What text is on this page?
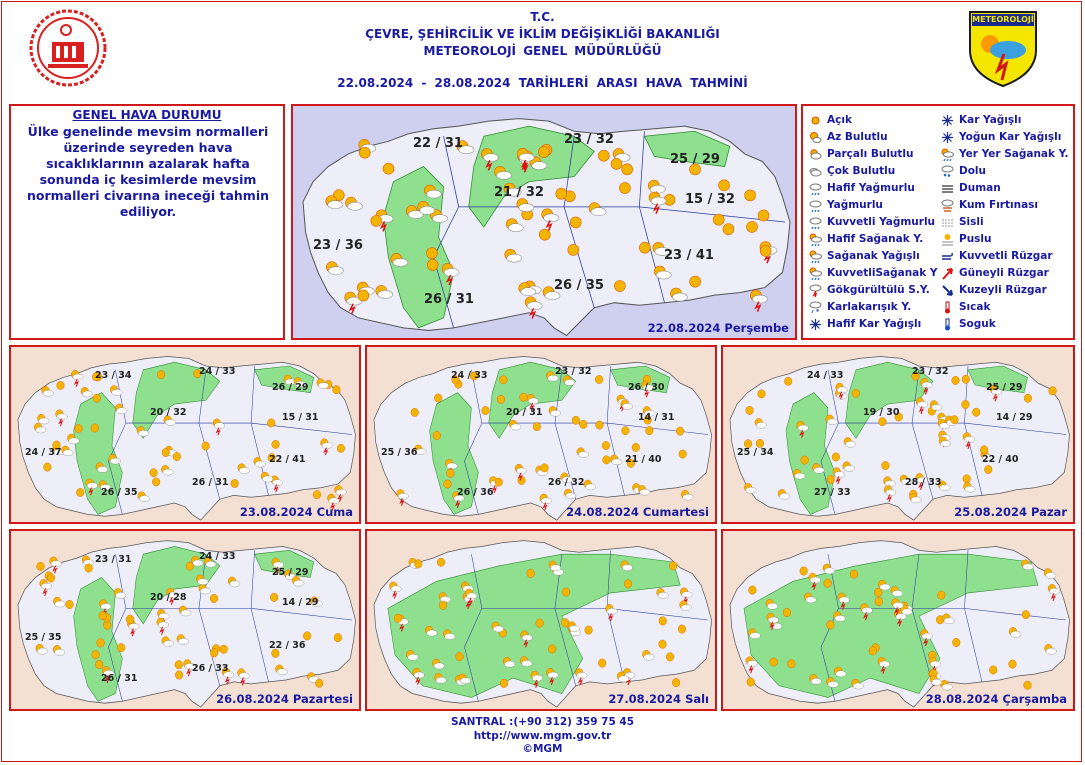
METEOROLOJİ
T.C.
ÇEVRE, ŞEHİRCİLİK VE İKLİM DEĞİŞİKLİĞİ BAKANLIĞI
METEOROLOJİ GENEL MÜDÜRLÜĞÜ
22.08.2024 - 28.08.2024 TARİHLERİ ARASI HAVA TAHMİNİ
GENEL HAVA DURUMU
Ülke genelinde mevsim normalleri üzerinde seyreden hava sıcaklıklarının azalarak hafta sonunda iç kesimlerde mevsim normalleri civarına ineceği tahmin ediliyor.
Açık
Az Bulutlu
Parçalı Bulutlu
Çok Bulutlu
Hafif Yağmurlu
Yağmurlu
Kuvvetli Yağmurlu
Hafif Sağanak Y.
Sağanak Yağışlı
KuvvetliSağanak Y
Gökgürültülü S.Y.
* Karlakarışık Y.
Hafif Kar Yağışlı
Kar Yağışlı
Yoğun Kar Yağışlı
Yer Yer Sağanak Y.
Dolu
Duman
Kum Fırtınası
Sisli
Puslu
Kuvvetli Rüzgar
Güneyli Rüzgar
Kuzeyli Rüzgar
Sıcak
Soguk
22 / 31	23 / 32
25 / 29
21 / 32	15 / 32
23 / 36
23 / 41
26 / 35
26 / 31
22.08.2024 Perşembe
23 / 34	24 / 33
26 / 29
20 / 32	15 / 31
24 / 37
22 / 41
26 / 31
26 / 35
23.08.2024 Cuma
24 / 33	23 / 32
26 / 30
20 / 31	14 / 31
25 / 36
21 / 40
26 / 32
26 / 36
24.08.2024 Cumartesi
24 / 33	23 / 32
25 / 29
19 / 30	14 / 29
25 / 34
22 / 40
28 / 33
27 / 33
25.08.2024 Pazar
23 / 31	24 / 33
25 / 29
20 / 28	14 / 29
25 / 35
22 / 36
26 / 33
26 / 31
26.08.2024 Pazartesi	27.08.2024 Salı	28.08.2024 Çarşamba
SANTRAL :(+90 312) 359 75 45
http://www.mgm.gov.tr
©MGM
